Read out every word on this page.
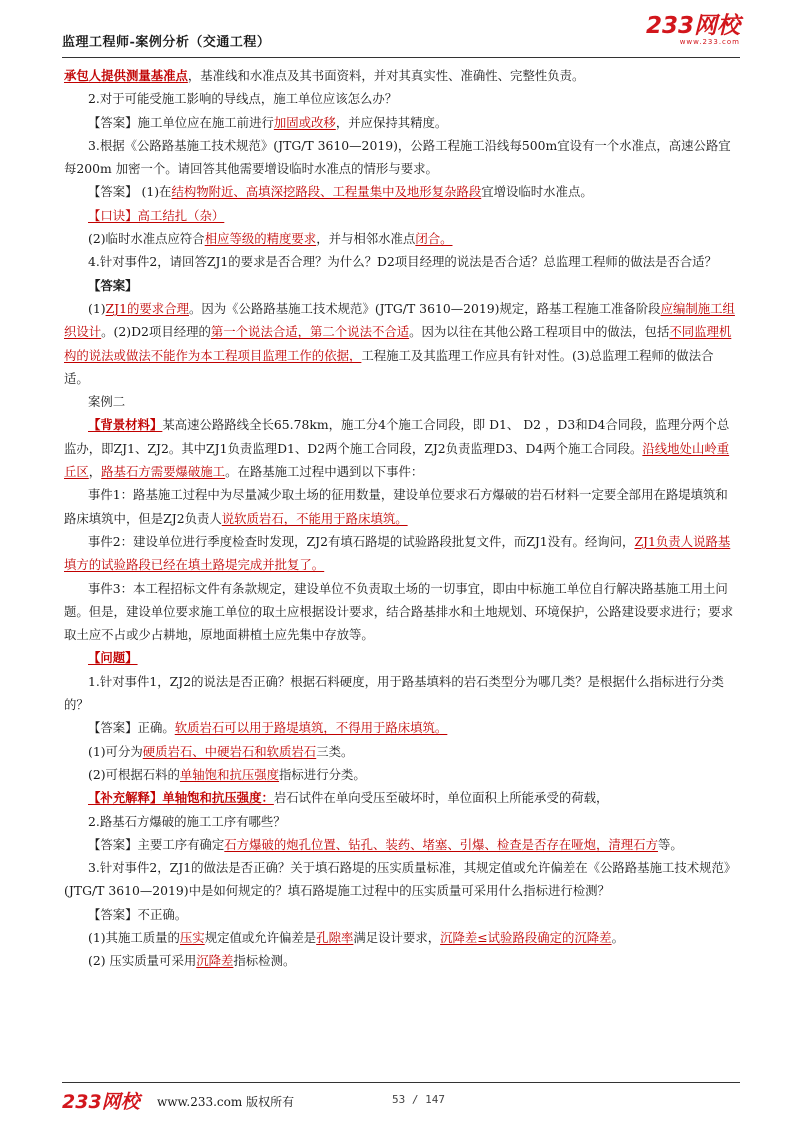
监理工程师-案例分析（交通工程）
233网校
www.233.com

承包人提供测量基准点，基准线和水准点及其书面资料，并对其真实性、准确性、完整性负责。

2.对于可能受施工影响的导线点，施工单位应该怎么办？

【答案】施工单位应在施工前进行加固或改移，并应保持其精度。

3.根据《公路路基施工技术规范》(JTG/T 3610—2019)，公路工程施工沿线每500m宜设有一个水准点，高速公路宜每200m 加密一个。请回答其他需要增设临时水准点的情形与要求。

【答案】 (1)在结构物附近、高填深挖路段、工程量集中及地形复杂路段宜增设临时水准点。

【口诀】高工结扎（杂）

(2)临时水准点应符合相应等级的精度要求，并与相邻水准点闭合。

4.针对事件2，请回答ZJ1的要求是否合理？为什么？D2项目经理的说法是否合适？总监理工程师的做法是否合适？

【答案】

(1)ZJ1的要求合理。因为《公路路基施工技术规范》(JTG/T 3610—2019)规定，路基工程施工准备阶段应编制施工组织设计。(2)D2项目经理的第一个说法合适，第二个说法不合适。因为以往在其他公路工程项目中的做法，包括不同监理机构的说法或做法不能作为本工程项目监理工作的依据，工程施工及其监理工作应具有针对性。(3)总监理工程师的做法合适。

案例二

【背景材料】某高速公路路线全长65.78km，施工分4个施工合同段，即 D1、 D2 ，D3和D4合同段，监理分两个总监办，即ZJ1、ZJ2。其中ZJ1负责监理D1、D2两个施工合同段，ZJ2负责监理D3、D4两个施工合同段。沿线地处山岭重丘区，路基石方需要爆破施工。在路基施工过程中遇到以下事件：

事件1：路基施工过程中为尽量减少取土场的征用数量，建设单位要求石方爆破的岩石材料一定要全部用在路堤填筑和路床填筑中，但是ZJ2负责人说软质岩石，不能用于路床填筑。

事件2：建设单位进行季度检查时发现，ZJ2有填石路堤的试验路段批复文件，而ZJ1没有。经询问，ZJ1负责人说路基填方的试验路段已经在填土路堤完成并批复了。

事件3：本工程招标文件有条款规定，建设单位不负责取土场的一切事宜，即由中标施工单位自行解决路基施工用土问题。但是，建设单位要求施工单位的取土应根据设计要求，结合路基排水和土地规划、环境保护，公路建设要求进行；要求取土应不占或少占耕地，原地面耕植土应先集中存放等。

【问题】

1.针对事件1，ZJ2的说法是否正确？根据石料硬度，用于路基填料的岩石类型分为哪几类？是根据什么指标进行分类的？

【答案】正确。软质岩石可以用于路堤填筑，不得用于路床填筑。

(1)可分为硬质岩石、中硬岩石和软质岩石三类。

(2)可根据石料的单轴饱和抗压强度指标进行分类。

【补充解释】单轴饱和抗压强度：岩石试件在单向受压至破坏时，单位面积上所能承受的荷载，

2.路基石方爆破的施工工序有哪些？

【答案】主要工序有确定石方爆破的炮孔位置、钻孔、装药、堵塞、引爆、检查是否存在哑炮，清理石方等。

3.针对事件2，ZJ1的做法是否正确？关于填石路堤的压实质量标准，其规定值或允许偏差在《公路路基施工技术规范》(JTG/T 3610—2019)中是如何规定的？填石路堤施工过程中的压实质量可采用什么指标进行检测？

【答案】不正确。

(1)其施工质量的压实规定值或允许偏差是孔隙率满足设计要求，沉降差≤试验路段确定的沉降差。

(2) 压实质量可采用沉降差指标检测。

233网校 www.233.com 版权所有	53 / 147
